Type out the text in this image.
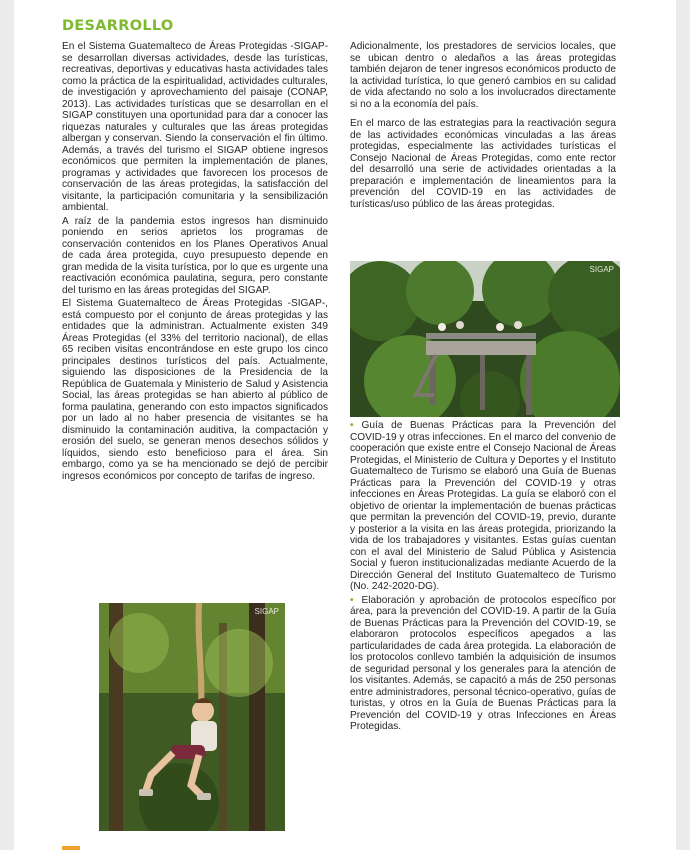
DESARROLLO

En el Sistema Guatemalteco de Áreas Protegidas -SIGAP- se desarrollan diversas actividades, desde las turísticas, recreativas, deportivas y educativas hasta actividades tales como la práctica de la espiritualidad, actividades culturales, de investigación y aprovechamiento del paisaje (CONAP, 2013). Las actividades turísticas que se desarrollan en el SIGAP constituyen una oportunidad para dar a conocer las riquezas naturales y culturales que las áreas protegidas albergan y conservan. Siendo la conservación el fin último. Además, a través del turismo el SIGAP obtiene ingresos económicos que permiten la implementación de planes, programas y actividades que favorecen los procesos de conservación de las áreas protegidas, la satisfacción del visitante, la participación comunitaria y la sensibilización ambiental.

A raíz de la pandemia estos ingresos han disminuido poniendo en serios aprietos los programas de conservación contenidos en los Planes Operativos Anual de cada área protegida, cuyo presupuesto depende en gran medida de la visita turística, por lo que es urgente una reactivación económica paulatina, segura, pero constante del turismo en las áreas protegidas del SIGAP.

El Sistema Guatemalteco de Áreas Protegidas -SIGAP-, está compuesto por el conjunto de áreas protegidas y las entidades que la administran. Actualmente existen 349 Áreas Protegidas (el 33% del territorio nacional), de ellas 65 reciben visitas encontrándose en este grupo los cinco principales destinos turísticos del país. Actualmente, siguiendo las disposiciones de la Presidencia de la República de Guatemala y Ministerio de Salud y Asistencia Social, las áreas protegidas se han abierto al público de forma paulatina, generando con esto impactos significados por un lado al no haber presencia de visitantes se ha disminuido la contaminación auditiva, la compactación y erosión del suelo, se generan menos desechos sólidos y líquidos, siendo esto beneficioso para el área. Sin embargo, como ya se ha mencionado se dejó de percibir ingresos económicos por concepto de tarifas de ingreso.

SIGAP
SIGAP

Adicionalmente, los prestadores de servicios locales, que se ubican dentro o aledaños a las áreas protegidas también dejaron de tener ingresos económicos producto de la actividad turística, lo que generó cambios en su calidad de vida afectando no solo a los involucrados directamente si no a la economía del país.

En el marco de las estrategias para la reactivación segura de las actividades económicas vinculadas a las áreas protegidas, especialmente las actividades turísticas el Consejo Nacional de Áreas Protegidas, como ente rector del desarrolló una serie de actividades orientadas a la preparación e implementación de lineamientos para la prevención del COVID-19 en las actividades de turísticas/uso público de las áreas protegidas.

• Guía de Buenas Prácticas para la Prevención del COVID-19 y otras infecciones. En el marco del convenio de cooperación que existe entre el Consejo Nacional de Áreas Protegidas, el Ministerio de Cultura y Deportes y el Instituto Guatemalteco de Turismo se elaboró una Guía de Buenas Prácticas para la Prevención del COVID-19 y otras infecciones en Áreas Protegidas. La guía se elaboró con el objetivo de orientar la implementación de buenas prácticas que permitan la prevención del COVID-19, previo, durante y posterior a la visita en las áreas protegida, priorizando la vida de los trabajadores y visitantes. Estas guías cuentan con el aval del Ministerio de Salud Pública y Asistencia Social y fueron institucionalizadas mediante Acuerdo de la Dirección General del Instituto Guatemalteco de Turismo (No. 242-2020-DG).

• Elaboración y aprobación de protocolos específico por área, para la prevención del COVID-19. A partir de la Guía de Buenas Prácticas para la Prevención del COVID-19, se elaboraron protocolos específicos apegados a las particularidades de cada área protegida. La elaboración de los protocolos conllevo también la adquisición de insumos de seguridad personal y los generales para la atención de los visitantes. Además, se capacitó a más de 250 personas entre administradores, personal técnico-operativo, guías de turistas, y otros en la Guía de Buenas Prácticas para la Prevención del COVID-19 y otras Infecciones en Áreas Protegidas.
